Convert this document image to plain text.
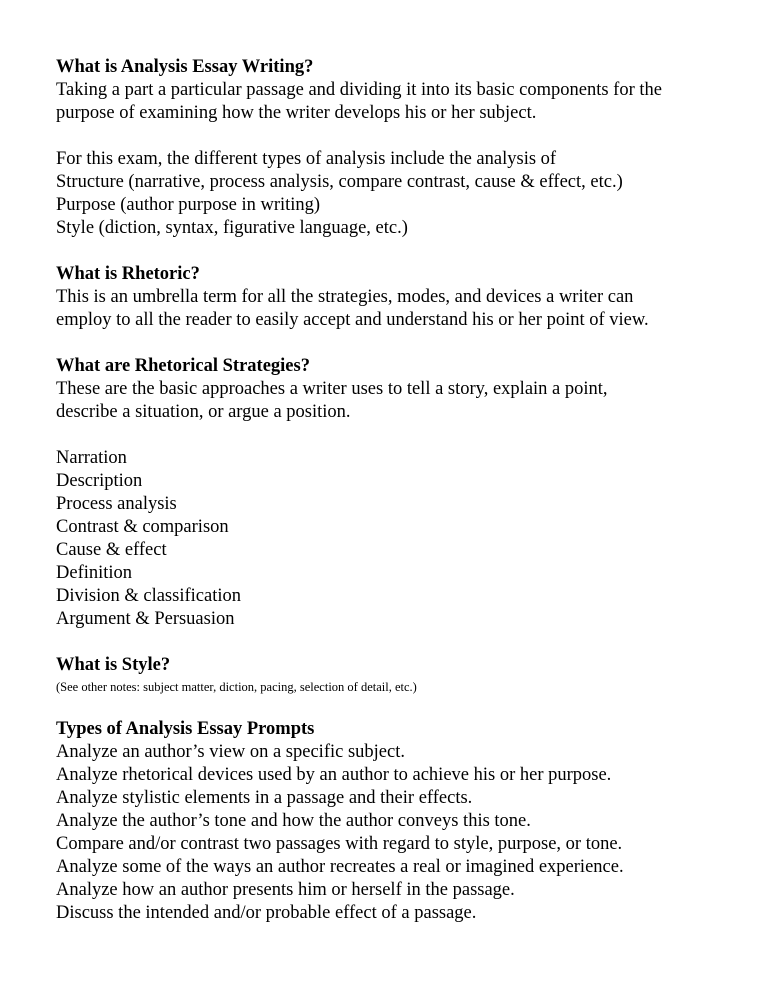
What is Analysis Essay Writing?

Taking a part a particular passage and dividing it into its basic components for the

purpose of examining how the writer develops his or her subject.

For this exam, the different types of analysis include the analysis of

Structure (narrative, process analysis, compare contrast, cause & effect, etc.)

Purpose (author purpose in writing)

Style (diction, syntax, figurative language, etc.)

What is Rhetoric?

This is an umbrella term for all the strategies, modes, and devices a writer can

employ to all the reader to easily accept and understand his or her point of view.

What are Rhetorical Strategies?

These are the basic approaches a writer uses to tell a story, explain a point,

describe a situation, or argue a position.

Narration

Description

Process analysis

Contrast & comparison

Cause & effect

Definition

Division & classification

Argument & Persuasion

What is Style?

(See other notes: subject matter, diction, pacing, selection of detail, etc.)

Types of Analysis Essay Prompts

Analyze an author’s view on a specific subject.

Analyze rhetorical devices used by an author to achieve his or her purpose.

Analyze stylistic elements in a passage and their effects.

Analyze the author’s tone and how the author conveys this tone.

Compare and/or contrast two passages with regard to style, purpose, or tone.

Analyze some of the ways an author recreates a real or imagined experience.

Analyze how an author presents him or herself in the passage.

Discuss the intended and/or probable effect of a passage.
